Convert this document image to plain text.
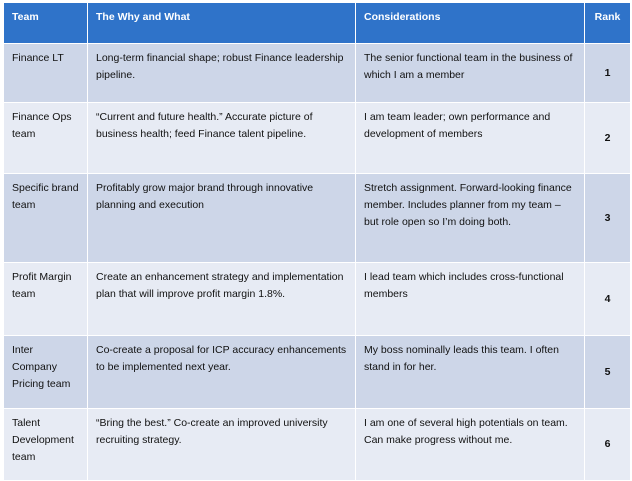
Team	The Why and What	Considerations	Rank

Finance LT	Long-term financial shape; robust Finance leadership pipeline.	The senior functional team in the business of which I am a member	1

Finance Ops team	“Current and future health.” Accurate picture of business health; feed Finance talent pipeline.	I am team leader; own performance and development of members	2

Specific brand team	Profitably grow major brand through innovative planning and execution	Stretch assignment. Forward-looking finance member. Includes planner from my team – but role open so I’m doing both.	3

Profit Margin team	Create an enhancement strategy and implementation plan that will improve profit margin 1.8%.	I lead team which includes cross-functional members	4

Inter Company Pricing team	Co-create a proposal for ICP accuracy enhancements to be implemented next year.	My boss nominally leads this team. I often stand in for her.	5

Talent Development team	“Bring the best.” Co-create an improved university recruiting strategy.	I am one of several high potentials on team. Can make progress without me.	6
